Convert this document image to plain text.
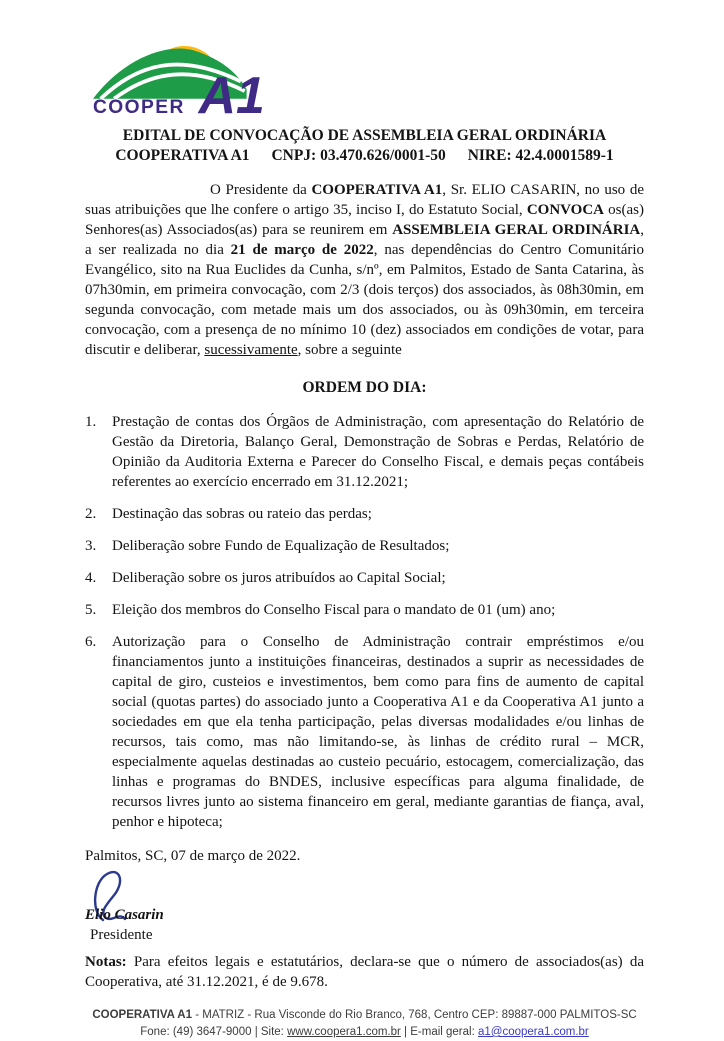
COOPER A1
EDITAL DE CONVOCAÇÃO DE ASSEMBLEIA GERAL ORDINÁRIA
COOPERATIVA A1 CNPJ: 03.470.626/0001-50 NIRE: 42.4.0001589-1

O Presidente da COOPERATIVA A1, Sr. ELIO CASARIN, no uso de suas atribuições que lhe confere o artigo 35, inciso I, do Estatuto Social, CONVOCA os(as) Senhores(as) Associados(as) para se reunirem em ASSEMBLEIA GERAL ORDINÁRIA, a ser realizada no dia 21 de março de 2022, nas dependências do Centro Comunitário Evangélico, sito na Rua Euclides da Cunha, s/nº, em Palmitos, Estado de Santa Catarina, às 07h30min, em primeira convocação, com 2/3 (dois terços) dos associados, às 08h30min, em segunda convocação, com metade mais um dos associados, ou às 09h30min, em terceira convocação, com a presença de no mínimo 10 (dez) associados em condições de votar, para discutir e deliberar, sucessivamente, sobre a seguinte

ORDEM DO DIA:
1.	Prestação de contas dos Órgãos de Administração, com apresentação do Relatório de Gestão da Diretoria, Balanço Geral, Demonstração de Sobras e Perdas, Relatório de Opinião da Auditoria Externa e Parecer do Conselho Fiscal, e demais peças contábeis referentes ao exercício encerrado em 31.12.2021;
2.	Destinação das sobras ou rateio das perdas;
3.	Deliberação sobre Fundo de Equalização de Resultados;
4.	Deliberação sobre os juros atribuídos ao Capital Social;
5.	Eleição dos membros do Conselho Fiscal para o mandato de 01 (um) ano;
6.	Autorização para o Conselho de Administração contrair empréstimos e/ou financiamentos junto a instituições financeiras, destinados a suprir as necessidades de capital de giro, custeios e investimentos, bem como para fins de aumento de capital social (quotas partes) do associado junto a Cooperativa A1 e da Cooperativa A1 junto a sociedades em que ela tenha participação, pelas diversas modalidades e/ou linhas de recursos, tais como, mas não limitando-se, às linhas de crédito rural – MCR, especialmente aquelas destinadas ao custeio pecuário, estocagem, comercialização, das linhas e programas do BNDES, inclusive específicas para alguma finalidade, de recursos livres junto ao sistema financeiro em geral, mediante garantias de fiança, aval, penhor e hipoteca;
Palmitos, SC, 07 de março de 2022.
Elio Casarin
Presidente

Notas: Para efeitos legais e estatutários, declara-se que o número de associados(as) da Cooperativa, até 31.12.2021, é de 9.678.

COOPERATIVA A1 - MATRIZ - Rua Visconde do Rio Branco, 768, Centro CEP: 89887-000 PALMITOS-SC
Fone: (49) 3647-9000 | Site: www.coopera1.com.br | E-mail geral: a1@coopera1.com.br
